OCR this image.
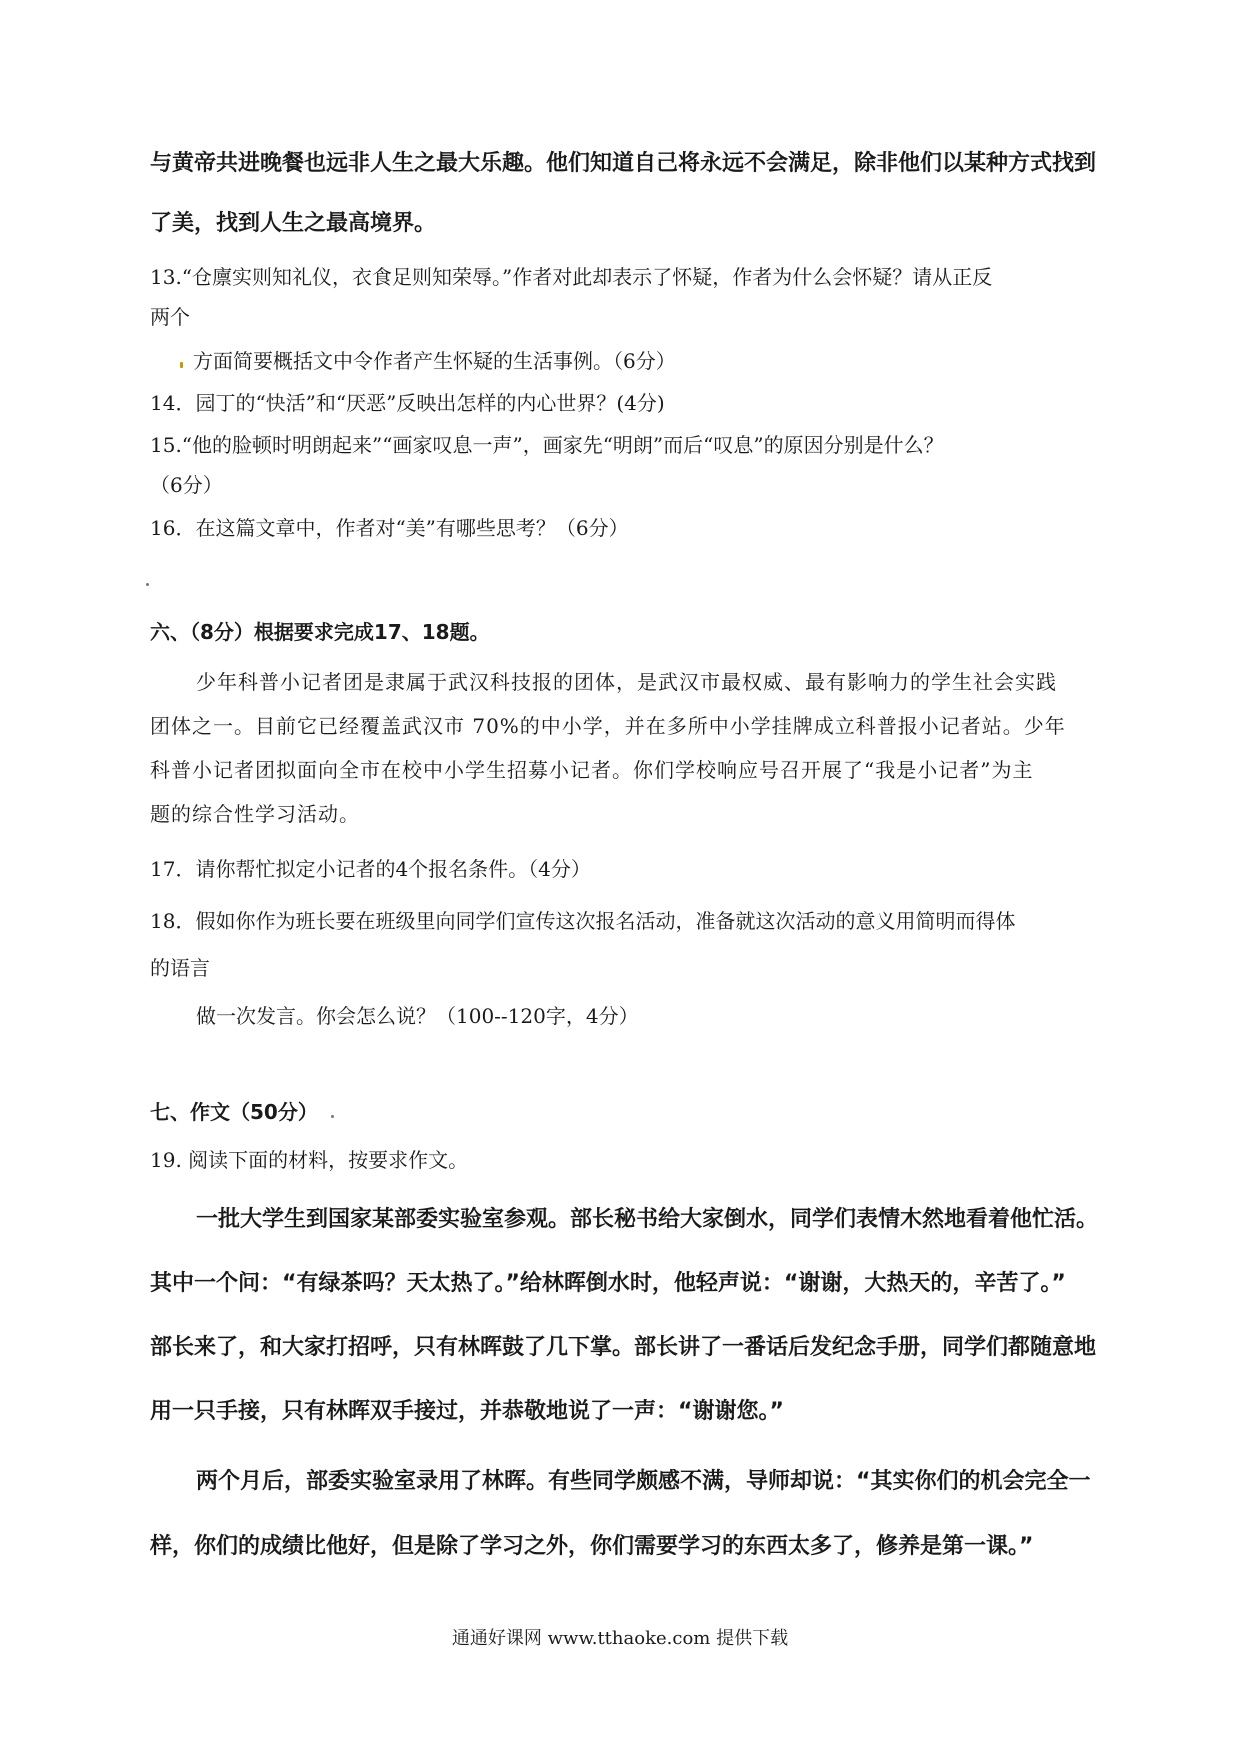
与黄帝共进晚餐也远非人生之最大乐趣。他们知道自己将永远不会满足，除非他们以某种方式找到
了美，找到人生之最高境界。
13.“仓廪实则知礼仪，衣食足则知荣辱。”作者对此却表示了怀疑，作者为什么会怀疑？请从正反
两个
方面简要概括文中令作者产生怀疑的生活事例。（6分）
14．园丁的“快活”和“厌恶”反映出怎样的内心世界？(4分)
15.“他的脸顿时明朗起来”“画家叹息一声”，画家先“明朗”而后“叹息”的原因分别是什么？
（6分）
16．在这篇文章中，作者对“美”有哪些思考？（6分）
六、（8分）根据要求完成17、18题。
少年科普小记者团是隶属于武汉科技报的团体，是武汉市最权威、最有影响力的学生社会实践
团体之一。目前它已经覆盖武汉市 70%的中小学，并在多所中小学挂牌成立科普报小记者站。少年
科普小记者团拟面向全市在校中小学生招募小记者。你们学校响应号召开展了“我是小记者”为主
题的综合性学习活动。
17．请你帮忙拟定小记者的4个报名条件。（4分）
18．假如你作为班长要在班级里向同学们宣传这次报名活动，准备就这次活动的意义用简明而得体
的语言
做一次发言。你会怎么说？（100--120字，4分）
七、作文（50分）
19. 阅读下面的材料，按要求作文。
一批大学生到国家某部委实验室参观。部长秘书给大家倒水，同学们表情木然地看着他忙活。
其中一个问：“有绿茶吗？天太热了。”给林晖倒水时，他轻声说：“谢谢，大热天的，辛苦了。”
部长来了，和大家打招呼，只有林晖鼓了几下掌。部长讲了一番话后发纪念手册，同学们都随意地
用一只手接，只有林晖双手接过，并恭敬地说了一声：“谢谢您。”
两个月后，部委实验室录用了林晖。有些同学颇感不满，导师却说：“其实你们的机会完全一
样，你们的成绩比他好，但是除了学习之外，你们需要学习的东西太多了，修养是第一课。”
通通好课网 www.tthaoke.com 提供下载
